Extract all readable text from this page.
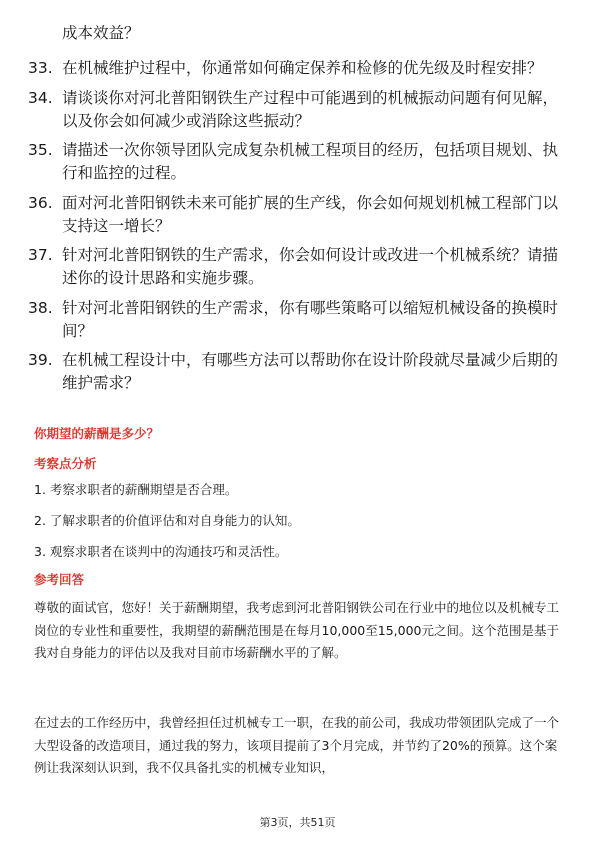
成本效益？
33. 在机械维护过程中，你通常如何确定保养和检修的优先级及时程安排？
34. 请谈谈你对河北普阳钢铁生产过程中可能遇到的机械振动问题有何见解，以及你会如何减少或消除这些振动？
35. 请描述一次你领导团队完成复杂机械工程项目的经历，包括项目规划、执行和监控的过程。
36. 面对河北普阳钢铁未来可能扩展的生产线，你会如何规划机械工程部门以支持这一增长？
37. 针对河北普阳钢铁的生产需求，你会如何设计或改进一个机械系统？请描述你的设计思路和实施步骤。
38. 针对河北普阳钢铁的生产需求，你有哪些策略可以缩短机械设备的换模时间？
39. 在机械工程设计中，有哪些方法可以帮助你在设计阶段就尽量减少后期的维护需求？
你期望的薪酬是多少？
考察点分析
1. 考察求职者的薪酬期望是否合理。
2. 了解求职者的价值评估和对自身能力的认知。
3. 观察求职者在谈判中的沟通技巧和灵活性。
参考回答
尊敬的面试官，您好！关于薪酬期望，我考虑到河北普阳钢铁公司在行业中的地位以及机械专工岗位的专业性和重要性，我期望的薪酬范围是在每月10,000至15,000元之间。这个范围是基于我对自身能力的评估以及我对目前市场薪酬水平的了解。
在过去的工作经历中，我曾经担任过机械专工一职，在我的前公司，我成功带领团队完成了一个大型设备的改造项目，通过我的努力，该项目提前了3个月完成，并节约了20%的预算。这个案例让我深刻认识到，我不仅具备扎实的机械专业知识，
第3页，共51页
